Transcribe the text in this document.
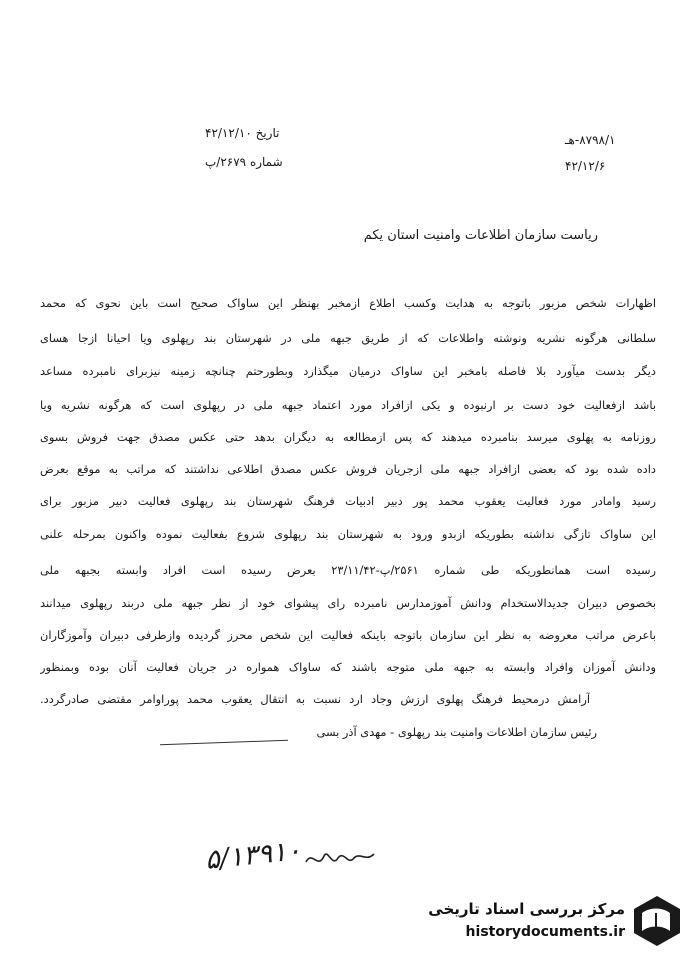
۸۷۹۸/۱-هـ
۴۲/۱۲/۶
تاریخ ۴۲/۱۲/۱۰
شماره ۲۶۷۹/پ
ریاست سازمان اطلاعات وامنیت استان یکم
اظهارات شخص مزبور باتوجه به هدایت وکسب اطلاع ازمخبر بهنظر این ساواک صحیح است باین نحوی که محمد
سلطانی هرگونه نشریه ونوشته واطلاعات که از طریق جبهه ملی در شهرستان بند رپهلوی ویا احیانا ازجا هسای
دیگر بدست میآورد بلا فاصله بامخبر این ساواک درمیان میگذارد وبطورحتم چنانچه زمینه نیزبرای نامبرده مساعد
باشد ازفعالیت خود دست بر ارنبوده و یکی ازافراد مورد اعتماد جبهه ملی در رپهلوی است که هرگونه نشریه ویا
روزنامه به پهلوی میرسد بنامبرده میدهند که پس ازمطالعه به دیگران بدهد حتی عکس مصدق جهت فروش بسوی
داده شده بود که بعضی ازافراد جبهه ملی ازجریان فروش عکس مصدق اطلاعی نداشتند که مراتب به موقع بعرض
رسید وامادر مورد فعالیت یعقوب محمد پور دبیر ادبیات فرهنگ شهرستان بند رپهلوی فعالیت دبیر مزبور برای
این ساواک تازگی نداشته بطوریکه ازبدو ورود به شهرستان بند رپهلوی شروع بفعالیت نموده واکنون بمرحله علنی
رسیده است همانطوریکه طی شماره ۲۵۶۱/پ-۲۳/۱۱/۴۲ بعرض رسیده است افراد وابسته بجبهه ملی
بخصوص دبیران جدیدالاستخدام ودانش آموزمدارس نامبرده رای پیشوای خود از نظر جبهه ملی دربند رپهلوی میدانند
باعرض مراتب معروضه به نظر این سازمان باتوجه باینکه فعالیت این شخص محرز گردیده وازطرفی دبیران وآموزگاران
ودانش آموزان وافراد وابسته به جبهه ملی متوجه باشند که ساواک همواره در جریان فعالیت آنان بوده وبمنظور
آرامش درمحیط فرهنگ پهلوی ارزش وجاد ارد نسبت به انتقال یعقوب محمد پوراوامر مقتضی صادرگردد.
رئیس سازمان اطلاعات وامنیت بند رپهلوی - مهدی آذر بسی
۵/۱۳۹۱۰
مرکز بررسی اسناد تاریخی
historydocuments.ir
